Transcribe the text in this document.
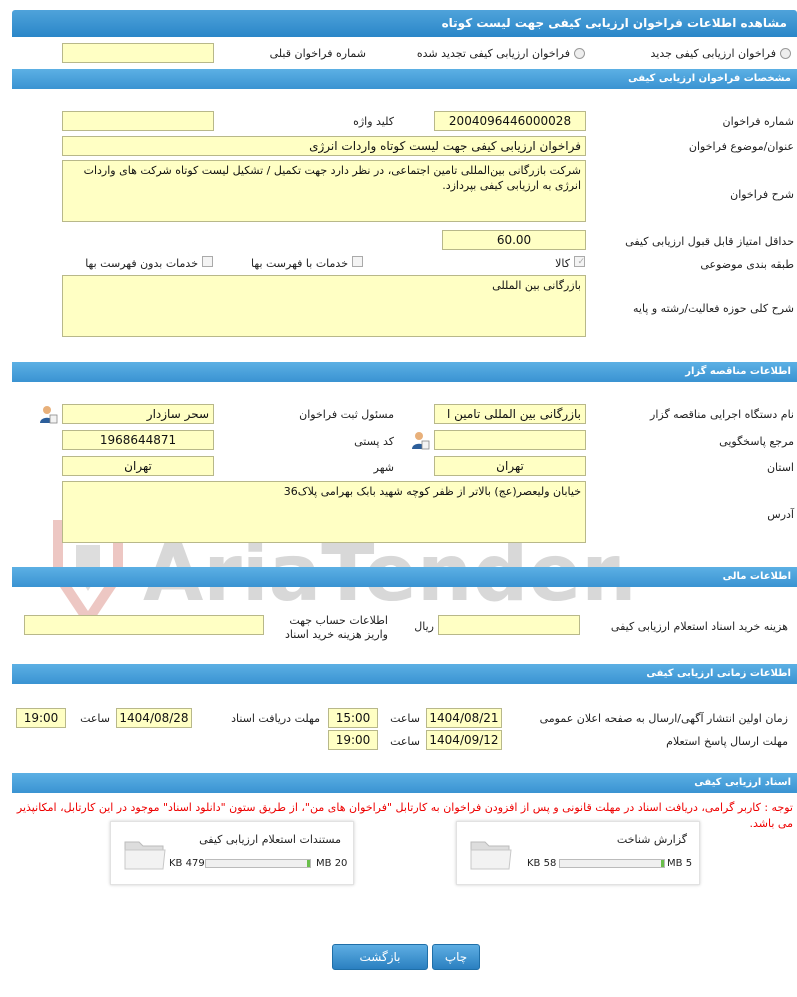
مشاهده اطلاعات فراخوان ارزیابی کیفی جهت لیست کوتاه
فراخوان ارزیابی کیفی جدید
فراخوان ارزیابی کیفی تجدید شده
شماره فراخوان قبلی
مشخصات فراخوان ارزیابی کیفی
شماره فراخوان
2004096446000028
کلید واژه
عنوان/موضوع فراخوان
فراخوان ارزیابی کیفی جهت لیست کوتاه واردات انرژی
شرح فراخوان
شرکت بازرگانی بین‌المللی تامین اجتماعی، در نظر دارد جهت تکمیل / تشکیل لیست کوتاه شرکت های واردات انرژی به ارزیابی کیفی بپردازد.
حداقل امتیاز قابل قبول ارزیابی کیفی
60.00
طبقه بندی موضوعی
✓
کالا
خدمات با فهرست بها
خدمات بدون فهرست بها
شرح کلی حوزه فعالیت/رشته و پایه
بازرگانی بین المللی
اطلاعات مناقصه گزار
نام دستگاه اجرایی مناقصه گزار
بازرگانی بین المللی تامین ا
مسئول ثبت فراخوان
سحر سازدار
مرجع پاسخگویی
کد پستی
1968644871
استان
تهران
شهر
تهران
آدرس
خیابان ولیعصر(عج) بالاتر از ظفر کوچه شهید بابک بهرامی پلاک36
اطلاعات مالی
هزینه خرید اسناد استعلام ارزیابی کیفی
ریال
اطلاعات حساب جهت واریز هزینه خرید اسناد
اطلاعات زمانی ارزیابی کیفی
زمان اولین انتشار آگهی/ارسال به صفحه اعلان عمومی
1404/08/21
ساعت
15:00
مهلت دریافت اسناد
1404/08/28
ساعت
19:00
مهلت ارسال پاسخ استعلام
1404/09/12
ساعت
19:00
اسناد ارزیابی کیفی
توجه : کاربر گرامی، دریافت اسناد در مهلت قانونی و پس از افزودن فراخوان به کارتابل "فراخوان های من"، از طریق ستون "دانلود اسناد" موجود در این کارتابل، امکانپذیر می باشد.
گزارش شناخت
58 KB	5 MB
مستندات استعلام ارزیابی کیفی
479 KB	20 MB
چاپ
بازگشت
